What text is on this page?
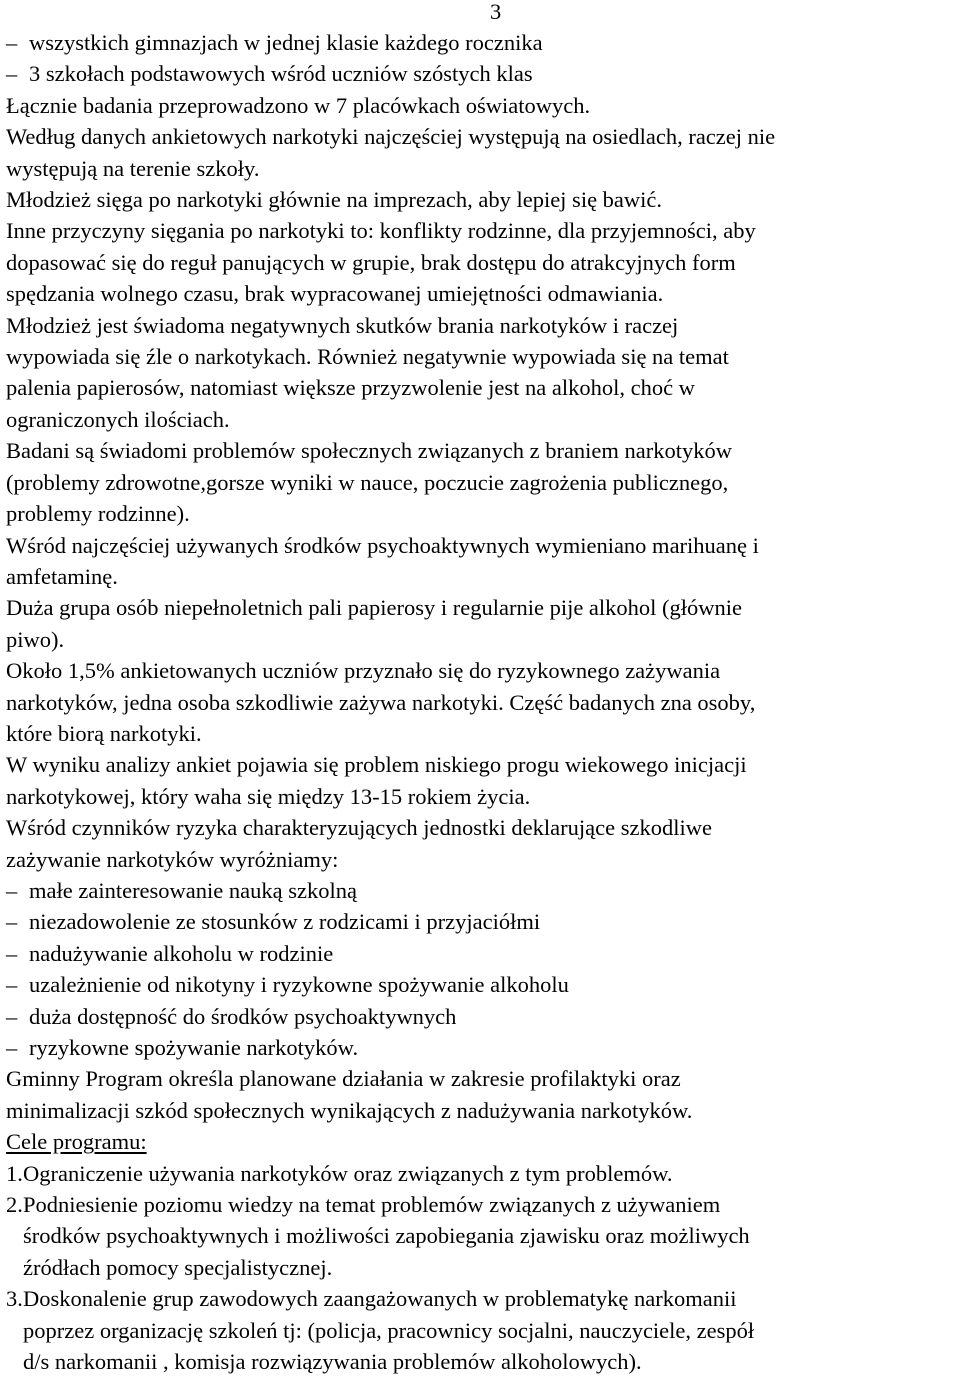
3

– wszystkich gimnazjach w jednej klasie każdego rocznika
– 3 szkołach podstawowych wśród uczniów szóstych klas

Łącznie badania przeprowadzono w 7 placówkach oświatowych.

Według danych ankietowych narkotyki najczęściej występują na osiedlach, raczej nie

występują na terenie szkoły.

Młodzież sięga po narkotyki głównie na imprezach, aby lepiej się bawić.

Inne przyczyny sięgania po narkotyki to: konflikty rodzinne, dla przyjemności, aby

dopasować się do reguł panujących w grupie, brak dostępu do atrakcyjnych form

spędzania wolnego czasu, brak wypracowanej umiejętności odmawiania.

Młodzież jest świadoma negatywnych skutków brania narkotyków i raczej

wypowiada się źle o narkotykach. Również negatywnie wypowiada się na temat

palenia papierosów, natomiast większe przyzwolenie jest na alkohol, choć w

ograniczonych ilościach.

Badani są świadomi problemów społecznych związanych z braniem narkotyków

(problemy zdrowotne,gorsze wyniki w nauce, poczucie zagrożenia publicznego,

problemy rodzinne).

Wśród najczęściej używanych środków psychoaktywnych wymieniano marihuanę i

amfetaminę.

Duża grupa osób niepełnoletnich pali papierosy i regularnie pije alkohol (głównie

piwo).

Około 1,5% ankietowanych uczniów przyznało się do ryzykownego zażywania

narkotyków, jedna osoba szkodliwie zażywa narkotyki. Część badanych zna osoby,

które biorą narkotyki.

W wyniku analizy ankiet pojawia się problem niskiego progu wiekowego inicjacji

narkotykowej, który waha się między 13-15 rokiem życia.

Wśród czynników ryzyka charakteryzujących jednostki deklarujące szkodliwe

zażywanie narkotyków wyróżniamy:

– małe zainteresowanie nauką szkolną
– niezadowolenie ze stosunków z rodzicami i przyjaciółmi
– nadużywanie alkoholu w rodzinie
– uzależnienie od nikotyny i ryzykowne spożywanie alkoholu
– duża dostępność do środków psychoaktywnych
– ryzykowne spożywanie narkotyków.

Gminny Program określa planowane działania w zakresie profilaktyki oraz

minimalizacji szkód społecznych wynikających z nadużywania narkotyków.

Cele programu:

1. Ograniczenie używania narkotyków oraz związanych z tym problemów.
2. Podniesienie poziomu wiedzy na temat problemów związanych z używaniem
środków psychoaktywnych i możliwości zapobiegania zjawisku oraz możliwych
źródłach pomocy specjalistycznej.
3. Doskonalenie grup zawodowych zaangażowanych w problematykę narkomanii
poprzez organizację szkoleń tj: (policja, pracownicy socjalni, nauczyciele, zespół
d/s narkomanii , komisja rozwiązywania problemów alkoholowych).
